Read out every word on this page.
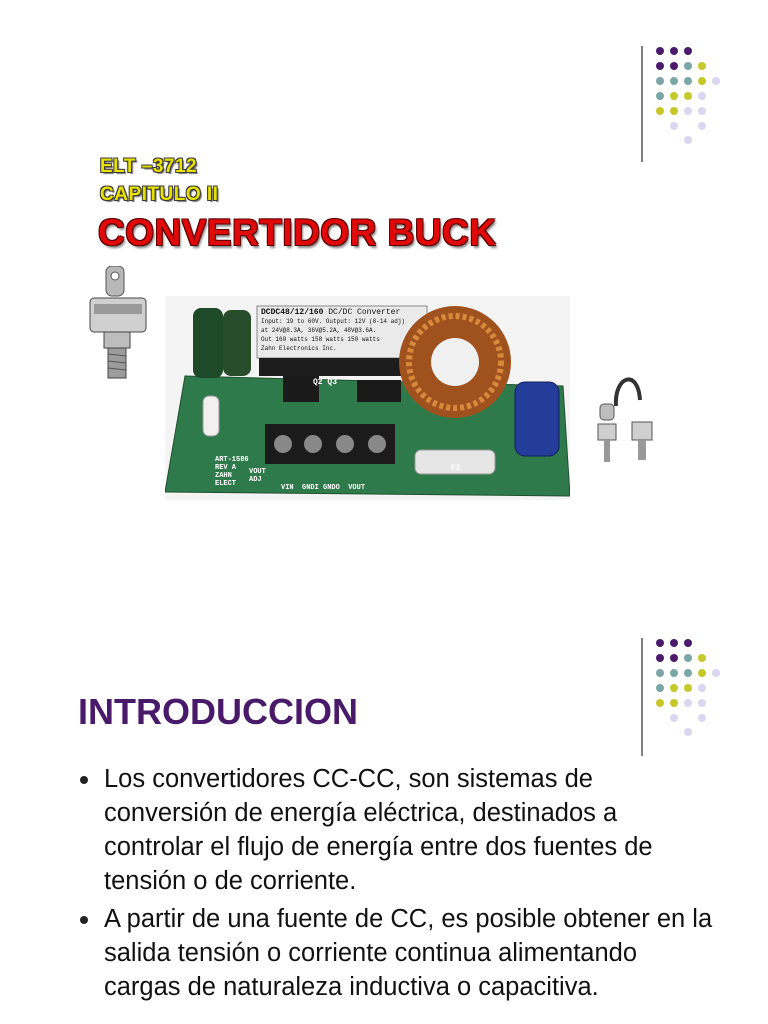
ELT –3712
CAPITULO II
CONVERTIDOR BUCK
DCDC48/12/160 DC/DC Converter
Input: 19 to 60V. Output: 12V (8-14 adj)
at 24V@8.3A, 36V@5.2A, 48V@3.6A.
Out 160 watts 158 watts 150 watts
Zahn Electronics Inc.
Q2 Q3
ART-1586
REV A
ZAHN
ELECT
VOUT ADJ
VIN  GNDI GNDO  VOUT
F2
INTRODUCCION
Los convertidores CC-CC, son sistemas de conversión de energía eléctrica, destinados a controlar el flujo de energía entre dos fuentes de tensión o de corriente.
A partir de una fuente de CC, es posible obtener en la salida tensión o corriente continua alimentando cargas de naturaleza inductiva o capacitiva.
